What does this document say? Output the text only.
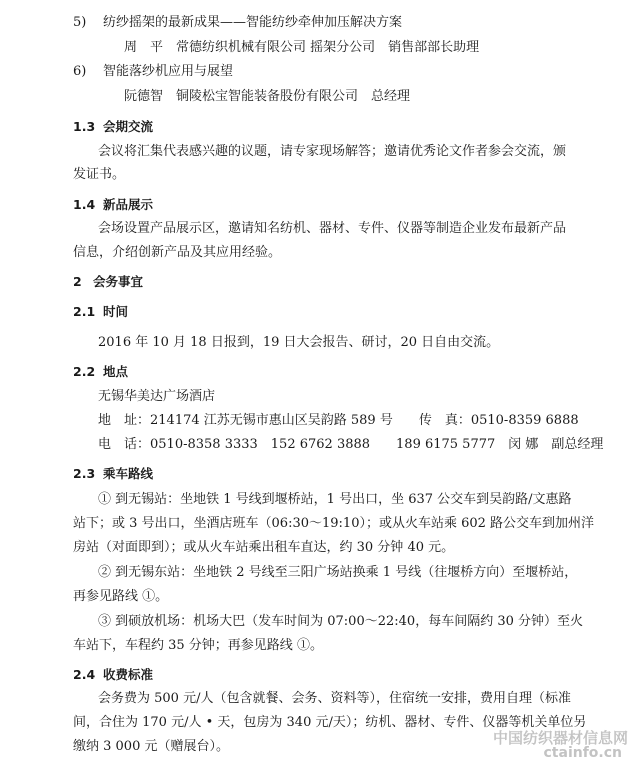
5) 纺纱摇架的最新成果——智能纺纱牵伸加压解决方案
周　平　常德纺织机械有限公司 摇架分公司　销售部部长助理
6) 智能落纱机应用与展望
阮德智　铜陵松宝智能装备股份有限公司　总经理
1.3 会期交流
会议将汇集代表感兴趣的议题，请专家现场解答；邀请优秀论文作者参会交流，颁
发证书。
1.4 新品展示
会场设置产品展示区，邀请知名纺机、器材、专件、仪器等制造企业发布最新产品
信息，介绍创新产品及其应用经验。
2 会务事宜
2.1 时间
2016 年 10 月 18 日报到，19 日大会报告、研讨，20 日自由交流。
2.2 地点
无锡华美达广场酒店
地　址：214174 江苏无锡市惠山区吴韵路 589 号　　传　真：0510-8359 6888
电　话：0510-8358 3333　152 6762 3888　　189 6175 5777　闵 娜　副总经理
2.3 乘车路线
① 到无锡站：坐地铁 1 号线到堰桥站，1 号出口，坐 637 公交车到吴韵路/文惠路
站下；或 3 号出口，坐酒店班车（06:30～19:10）；或从火车站乘 602 路公交车到加州洋
房站（对面即到）；或从火车站乘出租车直达，约 30 分钟 40 元。
② 到无锡东站：坐地铁 2 号线至三阳广场站换乘 1 号线（往堰桥方向）至堰桥站，
再参见路线 ①。
③ 到硕放机场：机场大巴（发车时间为 07:00～22:40，每车间隔约 30 分钟）至火
车站下，车程约 35 分钟；再参见路线 ①。
2.4 收费标准
会务费为 500 元/人（包含就餐、会务、资料等），住宿统一安排，费用自理（标准
间，合住为 170 元/人 • 天，包房为 340 元/天）；纺机、器材、专件、仪器等机关单位另
缴纳 3 000 元（赠展台）。	中国纺织器材信息网
ctainfo.cn
